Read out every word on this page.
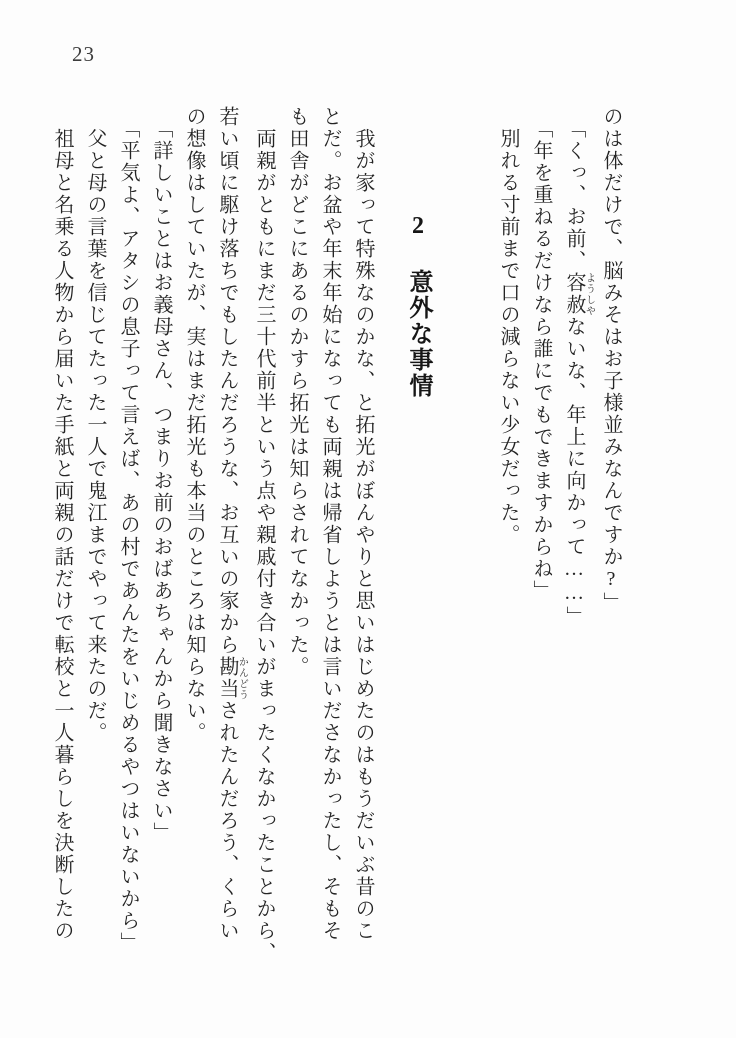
23
のは体だけで、脳みそはお子様並みなんですか?」
「くっ、お前、容赦ようしやないな、年上に向かって……」
「年を重ねるだけなら誰にでもできますからね」
別れる寸前まで口の減らない少女だった。
2 意外な事情
我が家って特殊なのかな、と拓光がぼんやりと思いはじめたのはもうだいぶ昔のこ
とだ。お盆や年末年始になっても両親は帰省しようとは言いださなかったし、そもそ
も田舎がどこにあるのかすら拓光は知らされてなかった。
両親がともにまだ三十代前半という点や親戚付き合いがまったくなかったことから、
若い頃に駆け落ちでもしたんだろうな、お互いの家から勘当かんどうされたんだろう、くらい
の想像はしていたが、実はまだ拓光も本当のところは知らない。
「詳しいことはお義母さん、つまりお前のおばあちゃんから聞きなさい」
「平気よ、アタシの息子って言えば、あの村であんたをいじめるやつはいないから」
父と母の言葉を信じてたった一人で鬼江までやって来たのだ。
祖母と名乗る人物から届いた手紙と両親の話だけで転校と一人暮らしを決断したの
